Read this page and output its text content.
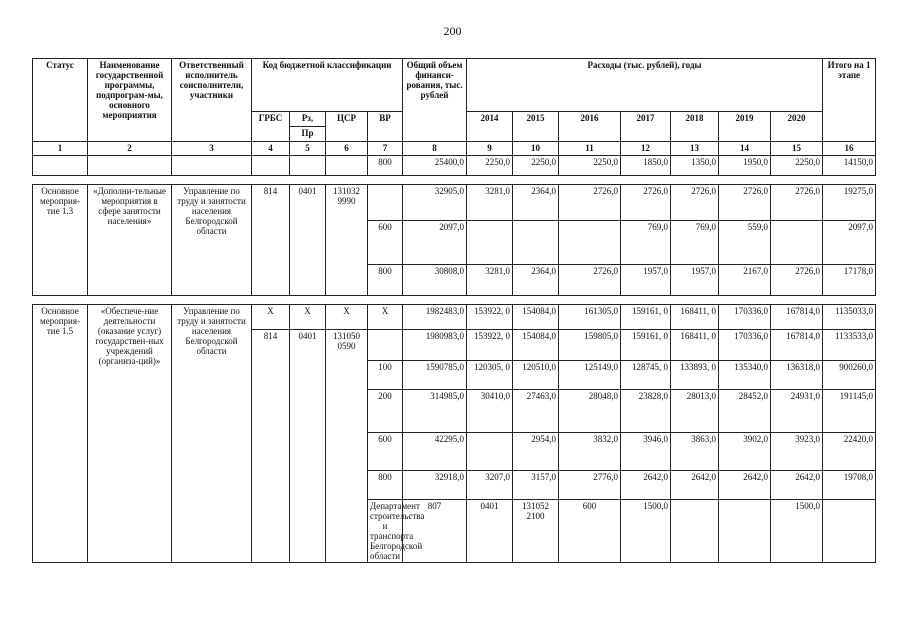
200
Статус	Наименование государственной программы, подпрограм-мы, основного мероприятия	Ответственный исполнитель соисполнители, участники	Код бюджетной классификации				Общий объем финанси-рования, тыс. рублей	Расходы (тыс. рублей), годы							Итого на 1 этапе	
			ГРБС	Рз,	ЦСР	ВР		2014	2015	2016	2017	2018	2019	2020		
				Пр												
1	2	3	4	5	6	7	8	9	10	11	12	13	14	15	16	
						800	25400,0	2250,0	2250,0	2250,0	1850,0	1350,0	1950,0	2250,0	14150,0	

Основное мероприя-тие 1.3	«Дополни-тельные мероприятия в сфере занятости населения»	Управление по труду и занятости населения Белгородской области	814	0401	131032 9990		32905,0	3281,0	2364,0	2726,0	2726,0	2726,0	2726,0	2726,0	19275,0	
						600	2097,0				769,0	769,0	559,0		2097,0	
						800	30808,0	3281,0	2364,0	2726,0	1957,0	1957,0	2167,0	2726,0	17178,0	

Основное мероприя-тие 1.5	«Обеспече-ние деятельности (оказание услуг) государствен-ных учреждений (организа-ций)»	Управление по труду и занятости населения Белгородской области	X	X	X	X	1982483,0	153922, 0	154084,0	161305,0	159161, 0	168411, 0	170336,0	167814,0	1135033,0	
			814	0401	131050 0590		1980983,0	153922, 0	154084,0	159805,0	159161, 0	168411, 0	170336,0	167814,0	1133533,0	
						100	1590785,0	120305, 0	120510,0	125149,0	128745, 0	133893, 0	135340,0	136318,0	900260,0	
						200	314985,0	30410,0	27463,0	28048,0	23828,0	28013,0	28452,0	24931,0	191145,0	
						600	42295,0		2954,0	3832,0	3946,0	3863,0	3902,0	3923,0	22420,0	
						800	32918,0	3207,0	3157,0	2776,0	2642,0	2642,0	2642,0	2642,0	19708,0	
						Департамент строительства и транспорта Белгородской области	807	0401	131052 2100	600	1500,0			1500,0					
